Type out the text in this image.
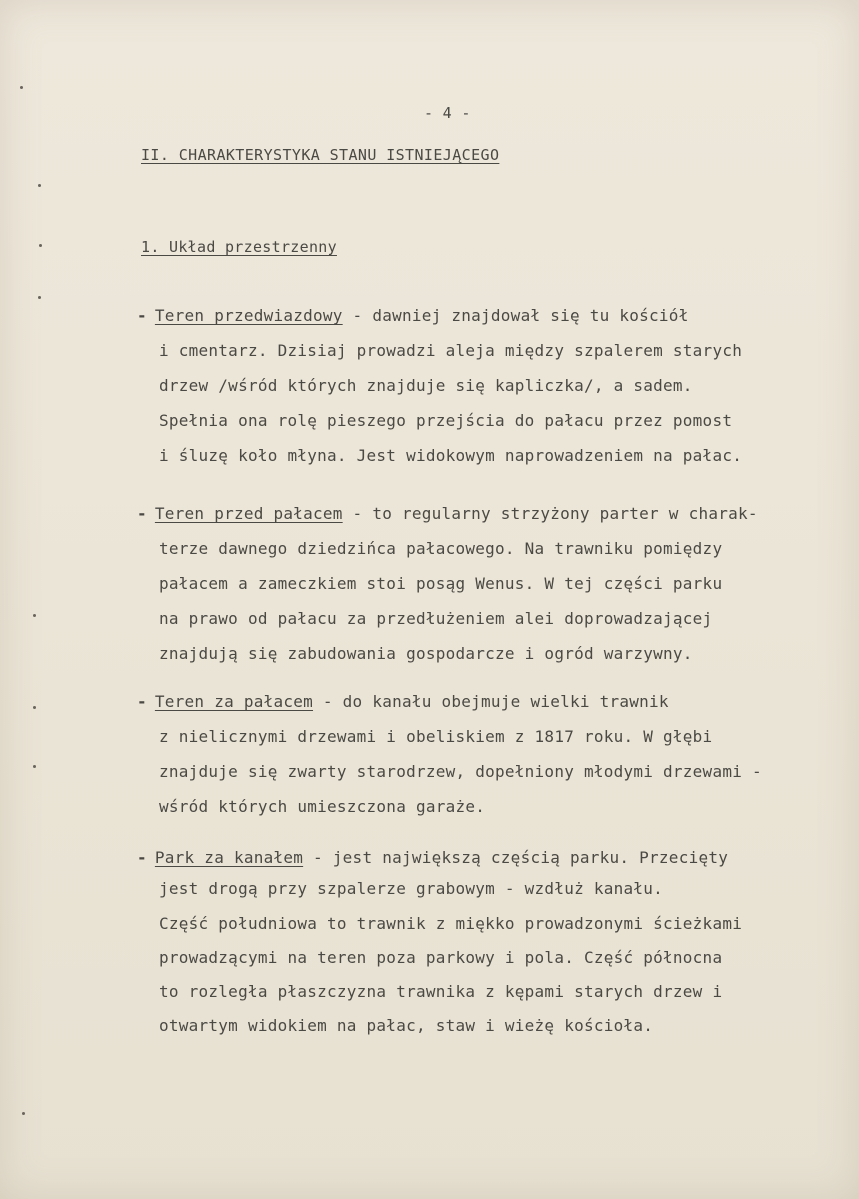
- 4 -
II. CHARAKTERYSTYKA STANU ISTNIEJĄCEGO
1. Układ przestrzenny
- Teren przedwiazdowy - dawniej znajdował się tu kościół
i cmentarz. Dzisiaj prowadzi aleja między szpalerem starych
drzew /wśród których znajduje się kapliczka/, a sadem.
Spełnia ona rolę pieszego przejścia do pałacu przez pomost
i śluzę koło młyna. Jest widokowym naprowadzeniem na pałac.
- Teren przed pałacem - to regularny strzyżony parter w charak-
terze dawnego dziedzińca pałacowego. Na trawniku pomiędzy
pałacem a zameczkiem stoi posąg Wenus. W tej części parku
na prawo od pałacu za przedłużeniem alei doprowadzającej
znajdują się zabudowania gospodarcze i ogród warzywny.
- Teren za pałacem - do kanału obejmuje wielki trawnik
z nielicznymi drzewami i obeliskiem z 1817 roku. W głębi
znajduje się zwarty starodrzew, dopełniony młodymi drzewami -
wśród których umieszczona garaże.
- Park za kanałem - jest największą częścią parku. Przecięty
jest drogą przy szpalerze grabowym - wzdłuż kanału.
Część południowa to trawnik z miękko prowadzonymi ścieżkami
prowadzącymi na teren poza parkowy i pola. Część północna
to rozległa płaszczyzna trawnika z kępami starych drzew i
otwartym widokiem na pałac, staw i wieżę kościoła.
